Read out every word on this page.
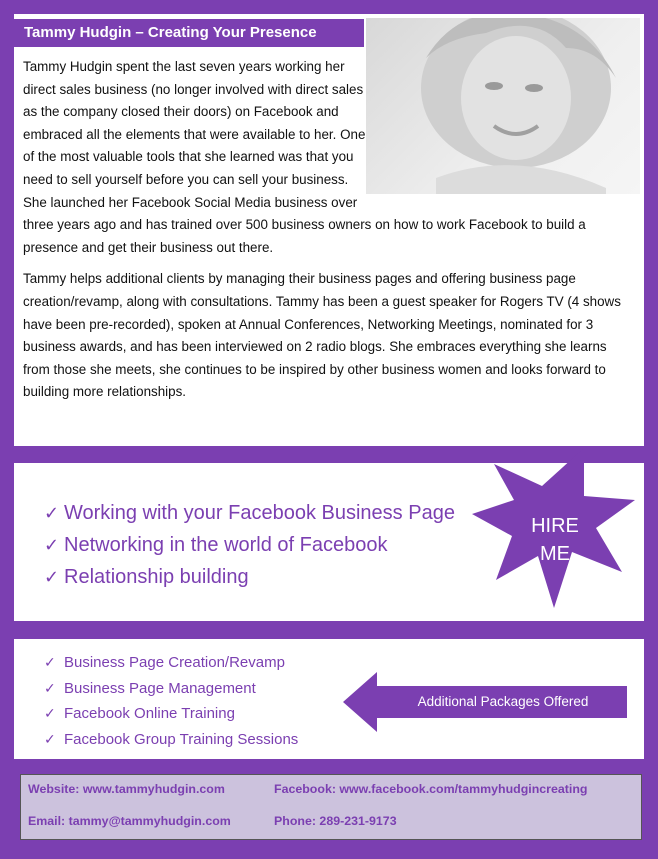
Tammy Hudgin – Creating Your Presence

Tammy Hudgin spent the last seven years working her direct sales business (no longer involved with direct sales as the company closed their doors) on Facebook and embraced all the elements that were available to her. One of the most valuable tools that she learned was that you need to sell yourself before you can sell your business. She launched her Facebook Social Media business over three years ago and has trained over 500 business owners on how to work Facebook to build a presence and get their business out there.

Tammy helps additional clients by managing their business pages and offering business page creation/revamp, along with consultations. Tammy has been a guest speaker for Rogers TV (4 shows have been pre-recorded), spoken at Annual Conferences, Networking Meetings, nominated for 3 business awards, and has been interviewed on 2 radio blogs. She embraces everything she learns from those she meets, she continues to be inspired by other business women and looks forward to building more relationships.

✓ Working with your Facebook Business Page
✓ Networking in the world of Facebook
✓ Relationship building
HIRE
ME
✓ Business Page Creation/Revamp
✓ Business Page Management
✓ Facebook Online Training
✓ Facebook Group Training Sessions
Additional Packages Offered
Website: www.tammyhudgin.com	Facebook: www.facebook.com/tammyhudgincreating
Email: tammy@tammyhudgin.com	Phone: 289-231-9173
